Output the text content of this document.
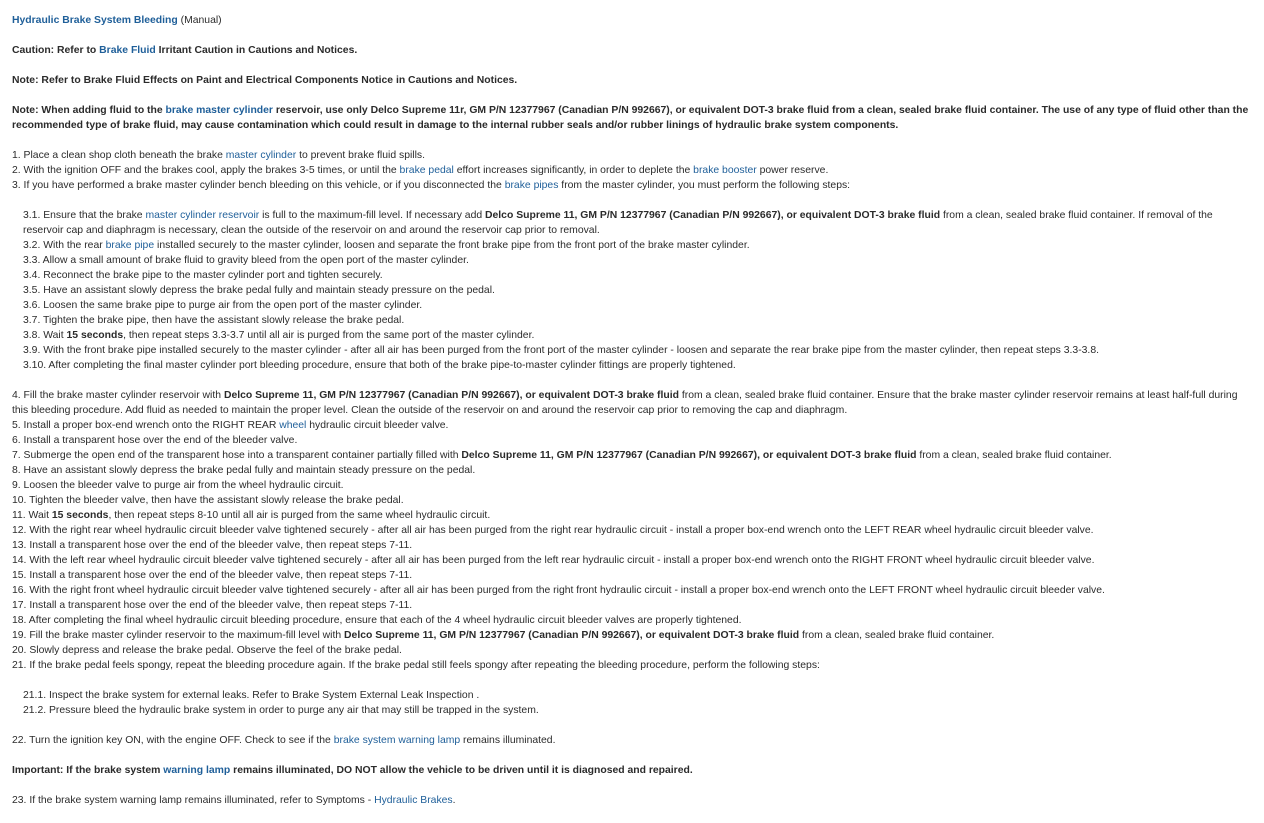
Hydraulic Brake System Bleeding (Manual)
Caution: Refer to Brake Fluid Irritant Caution in Cautions and Notices.
Note: Refer to Brake Fluid Effects on Paint and Electrical Components Notice in Cautions and Notices.
Note: When adding fluid to the brake master cylinder reservoir, use only Delco Supreme 11r, GM P/N 12377967 (Canadian P/N 992667), or equivalent DOT-3 brake fluid from a clean, sealed brake fluid container. The use of any type of fluid other than the recommended type of brake fluid, may cause contamination which could result in damage to the internal rubber seals and/or rubber linings of hydraulic brake system components.
1. Place a clean shop cloth beneath the brake master cylinder to prevent brake fluid spills.
2. With the ignition OFF and the brakes cool, apply the brakes 3-5 times, or until the brake pedal effort increases significantly, in order to deplete the brake booster power reserve.
3. If you have performed a brake master cylinder bench bleeding on this vehicle, or if you disconnected the brake pipes from the master cylinder, you must perform the following steps:
3.1. Ensure that the brake master cylinder reservoir is full to the maximum-fill level. If necessary add Delco Supreme 11, GM P/N 12377967 (Canadian P/N 992667), or equivalent DOT-3 brake fluid from a clean, sealed brake fluid container. If removal of the reservoir cap and diaphragm is necessary, clean the outside of the reservoir on and around the reservoir cap prior to removal.
3.2. With the rear brake pipe installed securely to the master cylinder, loosen and separate the front brake pipe from the front port of the brake master cylinder.
3.3. Allow a small amount of brake fluid to gravity bleed from the open port of the master cylinder.
3.4. Reconnect the brake pipe to the master cylinder port and tighten securely.
3.5. Have an assistant slowly depress the brake pedal fully and maintain steady pressure on the pedal.
3.6. Loosen the same brake pipe to purge air from the open port of the master cylinder.
3.7. Tighten the brake pipe, then have the assistant slowly release the brake pedal.
3.8. Wait 15 seconds, then repeat steps 3.3-3.7 until all air is purged from the same port of the master cylinder.
3.9. With the front brake pipe installed securely to the master cylinder - after all air has been purged from the front port of the master cylinder - loosen and separate the rear brake pipe from the master cylinder, then repeat steps 3.3-3.8.
3.10. After completing the final master cylinder port bleeding procedure, ensure that both of the brake pipe-to-master cylinder fittings are properly tightened.
4. Fill the brake master cylinder reservoir with Delco Supreme 11, GM P/N 12377967 (Canadian P/N 992667), or equivalent DOT-3 brake fluid from a clean, sealed brake fluid container. Ensure that the brake master cylinder reservoir remains at least half-full during this bleeding procedure. Add fluid as needed to maintain the proper level. Clean the outside of the reservoir on and around the reservoir cap prior to removing the cap and diaphragm.
5. Install a proper box-end wrench onto the RIGHT REAR wheel hydraulic circuit bleeder valve.
6. Install a transparent hose over the end of the bleeder valve.
7. Submerge the open end of the transparent hose into a transparent container partially filled with Delco Supreme 11, GM P/N 12377967 (Canadian P/N 992667), or equivalent DOT-3 brake fluid from a clean, sealed brake fluid container.
8. Have an assistant slowly depress the brake pedal fully and maintain steady pressure on the pedal.
9. Loosen the bleeder valve to purge air from the wheel hydraulic circuit.
10. Tighten the bleeder valve, then have the assistant slowly release the brake pedal.
11. Wait 15 seconds, then repeat steps 8-10 until all air is purged from the same wheel hydraulic circuit.
12. With the right rear wheel hydraulic circuit bleeder valve tightened securely - after all air has been purged from the right rear hydraulic circuit - install a proper box-end wrench onto the LEFT REAR wheel hydraulic circuit bleeder valve.
13. Install a transparent hose over the end of the bleeder valve, then repeat steps 7-11.
14. With the left rear wheel hydraulic circuit bleeder valve tightened securely - after all air has been purged from the left rear hydraulic circuit - install a proper box-end wrench onto the RIGHT FRONT wheel hydraulic circuit bleeder valve.
15. Install a transparent hose over the end of the bleeder valve, then repeat steps 7-11.
16. With the right front wheel hydraulic circuit bleeder valve tightened securely - after all air has been purged from the right front hydraulic circuit - install a proper box-end wrench onto the LEFT FRONT wheel hydraulic circuit bleeder valve.
17. Install a transparent hose over the end of the bleeder valve, then repeat steps 7-11.
18. After completing the final wheel hydraulic circuit bleeding procedure, ensure that each of the 4 wheel hydraulic circuit bleeder valves are properly tightened.
19. Fill the brake master cylinder reservoir to the maximum-fill level with Delco Supreme 11, GM P/N 12377967 (Canadian P/N 992667), or equivalent DOT-3 brake fluid from a clean, sealed brake fluid container.
20. Slowly depress and release the brake pedal. Observe the feel of the brake pedal.
21. If the brake pedal feels spongy, repeat the bleeding procedure again. If the brake pedal still feels spongy after repeating the bleeding procedure, perform the following steps:
21.1. Inspect the brake system for external leaks. Refer to Brake System External Leak Inspection .
21.2. Pressure bleed the hydraulic brake system in order to purge any air that may still be trapped in the system.
22. Turn the ignition key ON, with the engine OFF. Check to see if the brake system warning lamp remains illuminated.
Important: If the brake system warning lamp remains illuminated, DO NOT allow the vehicle to be driven until it is diagnosed and repaired.
23. If the brake system warning lamp remains illuminated, refer to Symptoms - Hydraulic Brakes.
